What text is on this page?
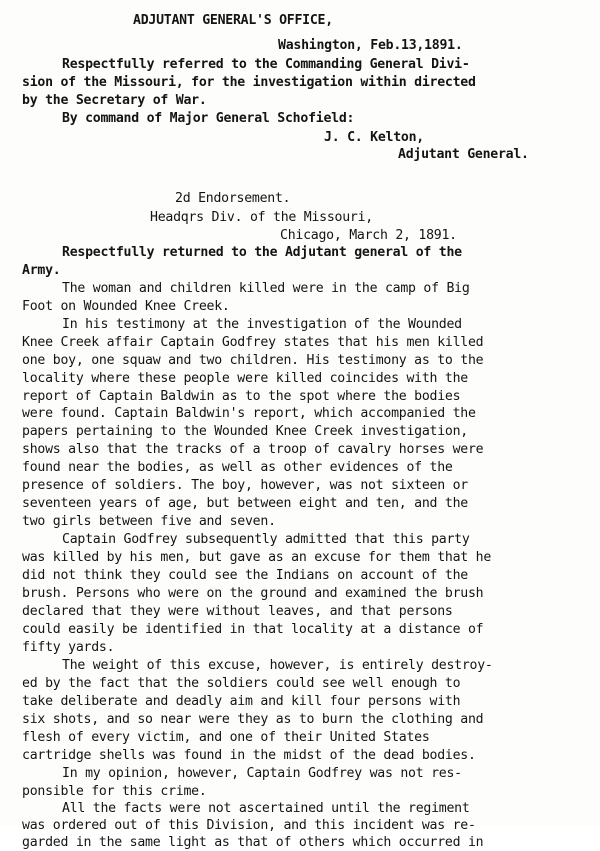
ADJUTANT GENERAL'S OFFICE,

Washington, Feb.13,1891.

Respectfully referred to the Commanding General Divi-

sion of the Missouri, for the investigation within directed

by the Secretary of War.

By command of Major General Schofield:

J. C. Kelton,

Adjutant General.

2d Endorsement.

Headqrs Div. of the Missouri,

Chicago, March 2, 1891.

Respectfully returned to the Adjutant general of the

Army.

The woman and children killed were in the camp of Big

Foot on Wounded Knee Creek.

In his testimony at the investigation of the Wounded

Knee Creek affair Captain Godfrey states that his men killed

one boy, one squaw and two children. His testimony as to the

locality where these people were killed coincides with the

report of Captain Baldwin as to the spot where the bodies

were found. Captain Baldwin's report, which accompanied the

papers pertaining to the Wounded Knee Creek investigation,

shows also that the tracks of a troop of cavalry horses were

found near the bodies, as well as other evidences of the

presence of soldiers. The boy, however, was not sixteen or

seventeen years of age, but between eight and ten, and the

two girls between five and seven.

Captain Godfrey subsequently admitted that this party

was killed by his men, but gave as an excuse for them that he

did not think they could see the Indians on account of the

brush. Persons who were on the ground and examined the brush

declared that they were without leaves, and that persons

could easily be identified in that locality at a distance of

fifty yards.

The weight of this excuse, however, is entirely destroy-

ed by the fact that the soldiers could see well enough to

take deliberate and deadly aim and kill four persons with

six shots, and so near were they as to burn the clothing and

flesh of every victim, and one of their United States

cartridge shells was found in the midst of the dead bodies.

In my opinion, however, Captain Godfrey was not res-

ponsible for this crime.

All the facts were not ascertained until the regiment

was ordered out of this Division, and this incident was re-

garded in the same light as that of others which occurred in
